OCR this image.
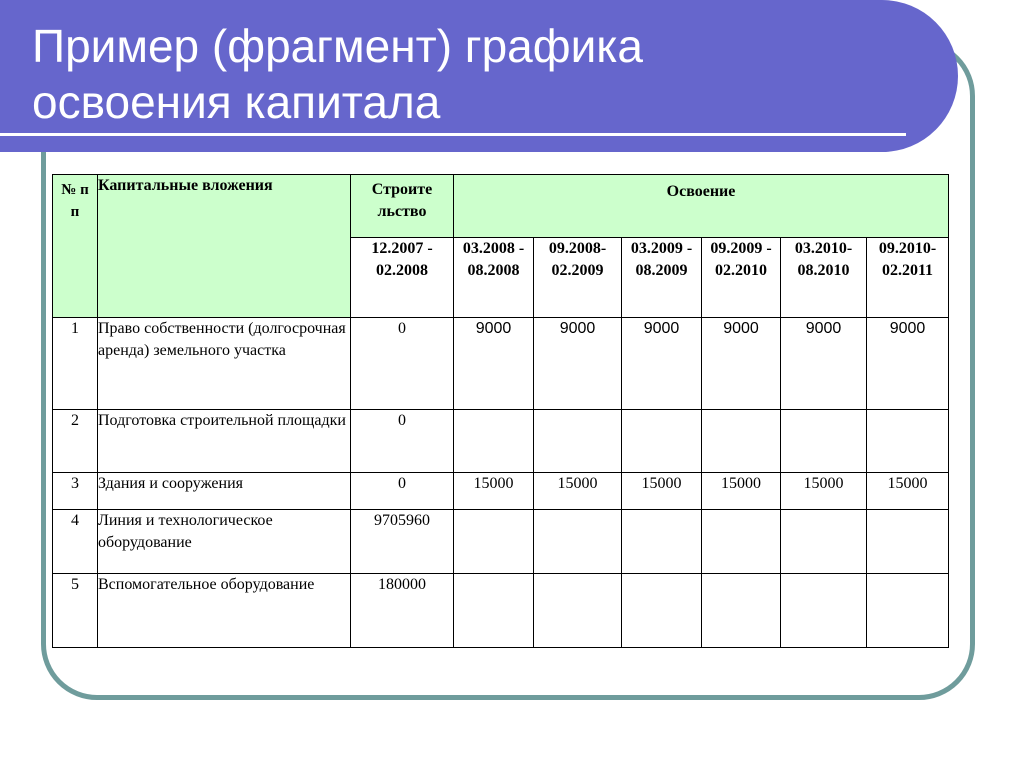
Пример (фрагмент) графика
освоения капитала
№ п п	Капитальные вложения	Строите льство	Освоение					
		12.2007 - 02.2008	03.2008 - 08.2008	09.2008- 02.2009	03.2009 - 08.2009	09.2009 - 02.2010	03.2010- 08.2010	09.2010- 02.2011
1	Право собственности (долгосрочная аренда) земельного участка	0	9000	9000	9000	9000	9000	9000
2	Подготовка строительной площадки	0						
3	Здания и сооружения	0	15000	15000	15000	15000	15000	15000
4	Линия и технологическое оборудование	9705960						
5	Вспомогательное оборудование	180000						
